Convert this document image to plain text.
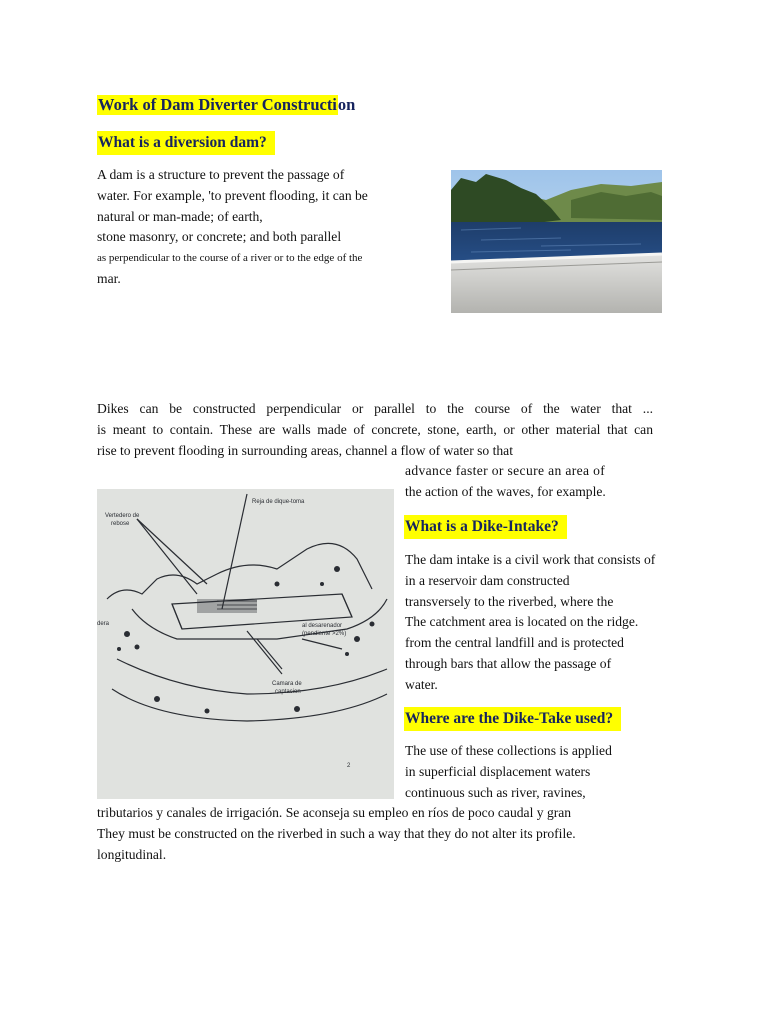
Work of Dam Diverter Construction
What is a diversion dam?
A dam is a structure to prevent the passage of
water. For example, 'to prevent flooding, it can be
natural or man-made; of earth,
stone masonry, or concrete; and both parallel
as perpendicular to the course of a river or to the edge of the
mar.
Dikes can be constructed perpendicular or parallel to the course of the water that ...
is meant to contain. These are walls made of concrete, stone, earth, or other material that can
rise to prevent flooding in surrounding areas, channel a flow of water so that
advance faster or secure an area of
the action of the waves, for example.
Reja de dique-toma
Vertedero de
rebose
dera	al desarenador
(pendiente >2%)
Camara de
captacion
2
What is a Dike-Intake?
The dam intake is a civil work that consists of
in a reservoir dam constructed
transversely to the riverbed, where the
The catchment area is located on the ridge.
from the central landfill and is protected
through bars that allow the passage of
water.
Where are the Dike-Take used?
The use of these collections is applied
in superficial displacement waters
continuous such as river, ravines,
tributarios y canales de irrigación. Se aconseja su empleo en ríos de poco caudal y gran
They must be constructed on the riverbed in such a way that they do not alter its profile.
longitudinal.
